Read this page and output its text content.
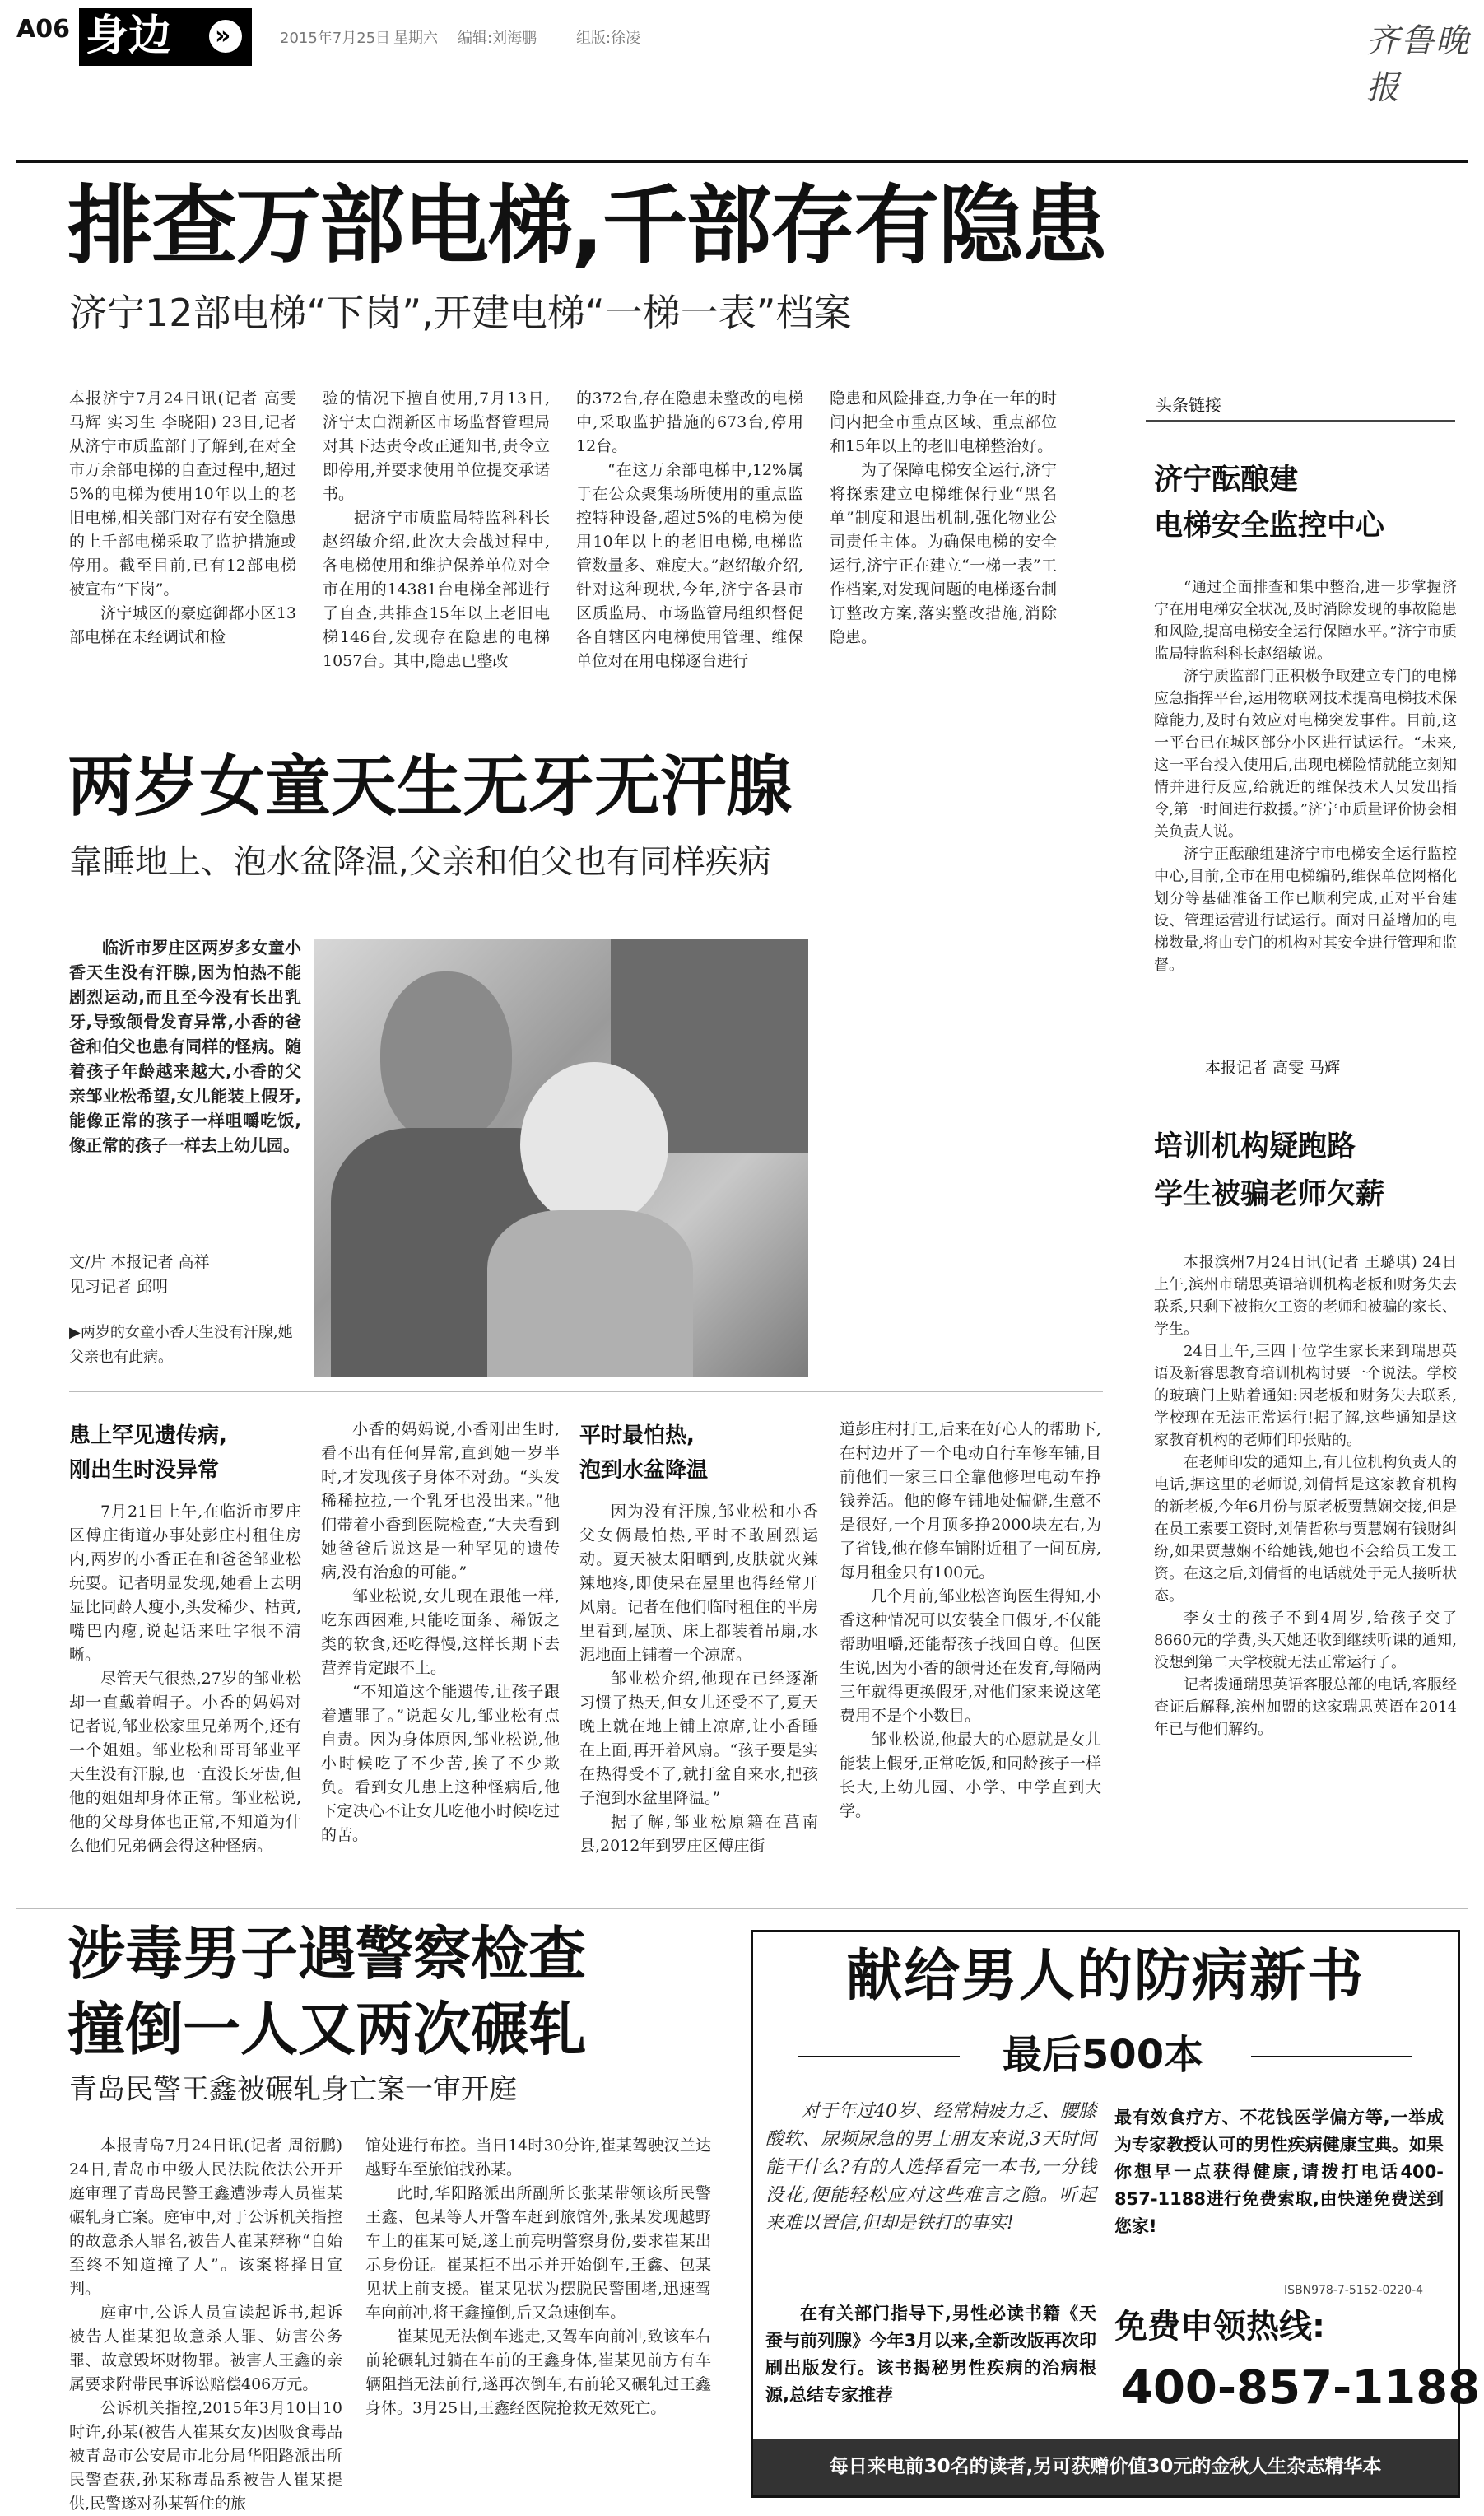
A06 身边 »	2015年7月25日 星期六 编辑:刘海鹏	组版:徐凌	齐鲁晚报
排查万部电梯,千部存有隐患
济宁12部电梯“下岗”,开建电梯“一梯一表”档案

本报济宁7月24日讯(记者 高雯 马辉 实习生 李晓阳) 23日,记者从济宁市质监部门了解到,在对全市万余部电梯的自查过程中,超过5%的电梯为使用10年以上的老旧电梯,相关部门对存有安全隐患的上千部电梯采取了监护措施或停用。截至目前,已有12部电梯被宣布“下岗”。

济宁城区的豪庭御都小区13部电梯在未经调试和检

验的情况下擅自使用,7月13日,济宁太白湖新区市场监督管理局对其下达责令改正通知书,责令立即停用,并要求使用单位提交承诺书。

据济宁市质监局特监科科长赵绍敏介绍,此次大会战过程中,各电梯使用和维护保养单位对全市在用的14381台电梯全部进行了自查,共排查15年以上老旧电梯146台,发现存在隐患的电梯1057台。其中,隐患已整改

的372台,存在隐患未整改的电梯中,采取监护措施的673台,停用12台。

“在这万余部电梯中,12%属于在公众聚集场所使用的重点监控特种设备,超过5%的电梯为使用10年以上的老旧电梯,电梯监管数量多、难度大。”赵绍敏介绍,针对这种现状,今年,济宁各县市区质监局、市场监管局组织督促各自辖区内电梯使用管理、维保单位对在用电梯逐台进行

隐患和风险排查,力争在一年的时间内把全市重点区域、重点部位和15年以上的老旧电梯整治好。

为了保障电梯安全运行,济宁将探索建立电梯维保行业“黑名单”制度和退出机制,强化物业公司责任主体。为确保电梯的安全运行,济宁正在建立“一梯一表”工作档案,对发现问题的电梯逐台制订整改方案,落实整改措施,消除隐患。

头条链接
济宁酝酿建
电梯安全监控中心

“通过全面排查和集中整治,进一步掌握济宁在用电梯安全状况,及时消除发现的事故隐患和风险,提高电梯安全运行保障水平。”济宁市质监局特监科科长赵绍敏说。

济宁质监部门正积极争取建立专门的电梯应急指挥平台,运用物联网技术提高电梯技术保障能力,及时有效应对电梯突发事件。目前,这一平台已在城区部分小区进行试运行。“未来,这一平台投入使用后,出现电梯险情就能立刻知情并进行反应,给就近的维保技术人员发出指令,第一时间进行救援。”济宁市质量评价协会相关负责人说。

济宁正酝酿组建济宁市电梯安全运行监控中心,目前,全市在用电梯编码,维保单位网格化划分等基础准备工作已顺利完成,正对平台建设、管理运营进行试运行。面对日益增加的电梯数量,将由专门的机构对其安全进行管理和监督。

本报记者 高雯 马辉
培训机构疑跑路
学生被骗老师欠薪

本报滨州7月24日讯(记者 王璐琪) 24日上午,滨州市瑞思英语培训机构老板和财务失去联系,只剩下被拖欠工资的老师和被骗的家长、学生。

24日上午,三四十位学生家长来到瑞思英语及新睿思教育培训机构讨要一个说法。学校的玻璃门上贴着通知:因老板和财务失去联系,学校现在无法正常运行!据了解,这些通知是这家教育机构的老师们印张贴的。

在老师印发的通知上,有几位机构负责人的电话,据这里的老师说,刘倩哲是这家教育机构的新老板,今年6月份与原老板贾慧娴交接,但是在员工索要工资时,刘倩哲称与贾慧娴有钱财纠纷,如果贾慧娴不给她钱,她也不会给员工发工资。在这之后,刘倩哲的电话就处于无人接听状态。

李女士的孩子不到4周岁,给孩子交了8660元的学费,头天她还收到继续听课的通知,没想到第二天学校就无法正常运行了。

记者拨通瑞思英语客服总部的电话,客服经查证后解释,滨州加盟的这家瑞思英语在2014年已与他们解约。

两岁女童天生无牙无汗腺
靠睡地上、泡水盆降温,父亲和伯父也有同样疾病

临沂市罗庄区两岁多女童小香天生没有汗腺,因为怕热不能剧烈运动,而且至今没有长出乳牙,导致颌骨发育异常,小香的爸爸和伯父也患有同样的怪病。随着孩子年龄越来越大,小香的父亲邹业松希望,女儿能装上假牙,能像正常的孩子一样咀嚼吃饭,像正常的孩子一样去上幼儿园。

文/片 本报记者 高祥
见习记者 邱明
▶两岁的女童小香天生没有汗腺,她父亲也有此病。
患上罕见遗传病,
刚出生时没异常

7月21日上午,在临沂市罗庄区傅庄街道办事处彭庄村租住房内,两岁的小香正在和爸爸邹业松玩耍。记者明显发现,她看上去明显比同龄人瘦小,头发稀少、枯黄,嘴巴内瘪,说起话来吐字很不清晰。

尽管天气很热,27岁的邹业松却一直戴着帽子。小香的妈妈对记者说,邹业松家里兄弟两个,还有一个姐姐。邹业松和哥哥邹业平天生没有汗腺,也一直没长牙齿,但他的姐姐却身体正常。邹业松说,他的父母身体也正常,不知道为什么他们兄弟俩会得这种怪病。

小香的妈妈说,小香刚出生时,看不出有任何异常,直到她一岁半时,才发现孩子身体不对劲。“头发稀稀拉拉,一个乳牙也没出来。”他们带着小香到医院检查,“大夫看到她爸爸后说这是一种罕见的遗传病,没有治愈的可能。”

邹业松说,女儿现在跟他一样,吃东西困难,只能吃面条、稀饭之类的软食,还吃得慢,这样长期下去营养肯定跟不上。

“不知道这个能遗传,让孩子跟着遭罪了。”说起女儿,邹业松有点自责。因为身体原因,邹业松说,他小时候吃了不少苦,挨了不少欺负。看到女儿患上这种怪病后,他下定决心不让女儿吃他小时候吃过的苦。

平时最怕热,
泡到水盆降温

因为没有汗腺,邹业松和小香父女俩最怕热,平时不敢剧烈运动。夏天被太阳晒到,皮肤就火辣辣地疼,即使呆在屋里也得经常开风扇。记者在他们临时租住的平房里看到,屋顶、床上都装着吊扇,水泥地面上铺着一个凉席。

邹业松介绍,他现在已经逐渐习惯了热天,但女儿还受不了,夏天晚上就在地上铺上凉席,让小香睡在上面,再开着风扇。“孩子要是实在热得受不了,就打盆自来水,把孩子泡到水盆里降温。”

据了解,邹业松原籍在莒南县,2012年到罗庄区傅庄街

道彭庄村打工,后来在好心人的帮助下,在村边开了一个电动自行车修车铺,目前他们一家三口全靠他修理电动车挣钱养活。他的修车铺地处偏僻,生意不是很好,一个月顶多挣2000块左右,为了省钱,他在修车铺附近租了一间瓦房,每月租金只有100元。

几个月前,邹业松咨询医生得知,小香这种情况可以安装全口假牙,不仅能帮助咀嚼,还能帮孩子找回自尊。但医生说,因为小香的颌骨还在发育,每隔两三年就得更换假牙,对他们家来说这笔费用不是个小数目。

邹业松说,他最大的心愿就是女儿能装上假牙,正常吃饭,和同龄孩子一样长大,上幼儿园、小学、中学直到大学。

涉毒男子遇警察检查
撞倒一人又两次碾轧
青岛民警王鑫被碾轧身亡案一审开庭

本报青岛7月24日讯(记者 周衍鹏) 24日,青岛市中级人民法院依法公开开庭审理了青岛民警王鑫遭涉毒人员崔某碾轧身亡案。庭审中,对于公诉机关指控的故意杀人罪名,被告人崔某辩称“自始至终不知道撞了人”。该案将择日宣判。

庭审中,公诉人员宣读起诉书,起诉被告人崔某犯故意杀人罪、妨害公务罪、故意毁坏财物罪。被害人王鑫的亲属要求附带民事诉讼赔偿406万元。

公诉机关指控,2015年3月10日10时许,孙某(被告人崔某女友)因吸食毒品被青岛市公安局市北分局华阳路派出所民警查获,孙某称毒品系被告人崔某提供,民警遂对孙某暂住的旅

馆处进行布控。当日14时30分许,崔某驾驶汉兰达越野车至旅馆找孙某。

此时,华阳路派出所副所长张某带领该所民警王鑫、包某等人开警车赶到旅馆外,张某发现越野车上的崔某可疑,遂上前亮明警察身份,要求崔某出示身份证。崔某拒不出示并开始倒车,王鑫、包某见状上前支援。崔某见状为摆脱民警围堵,迅速驾车向前冲,将王鑫撞倒,后又急速倒车。

崔某见无法倒车逃走,又驾车向前冲,致该车右前轮碾轧过躺在车前的王鑫身体,崔某见前方有车辆阻挡无法前行,遂再次倒车,右前轮又碾轧过王鑫身体。3月25日,王鑫经医院抢救无效死亡。

献给男人的防病新书
最后500本

对于年过40岁、经常精疲力乏、腰膝酸软、尿频尿急的男士朋友来说,3天时间能干什么?有的人选择看完一本书,一分钱没花,便能轻松应对这些难言之隐。听起来难以置信,但却是铁打的事实!

在有关部门指导下,男性必读书籍《天蚕与前列腺》今年3月以来,全新改版再次印刷出版发行。该书揭秘男性疾病的治病根源,总结专家推荐

最有效食疗方、不花钱医学偏方等,一举成为专家教授认可的男性疾病健康宝典。如果你想早一点获得健康,请拨打电话400-857-1188进行免费索取,由快递免费送到您家!

ISBN978-7-5152-0220-4
免费申领热线:
400-857-1188
每日来电前30名的读者,另可获赠价值30元的金秋人生杂志精华本
